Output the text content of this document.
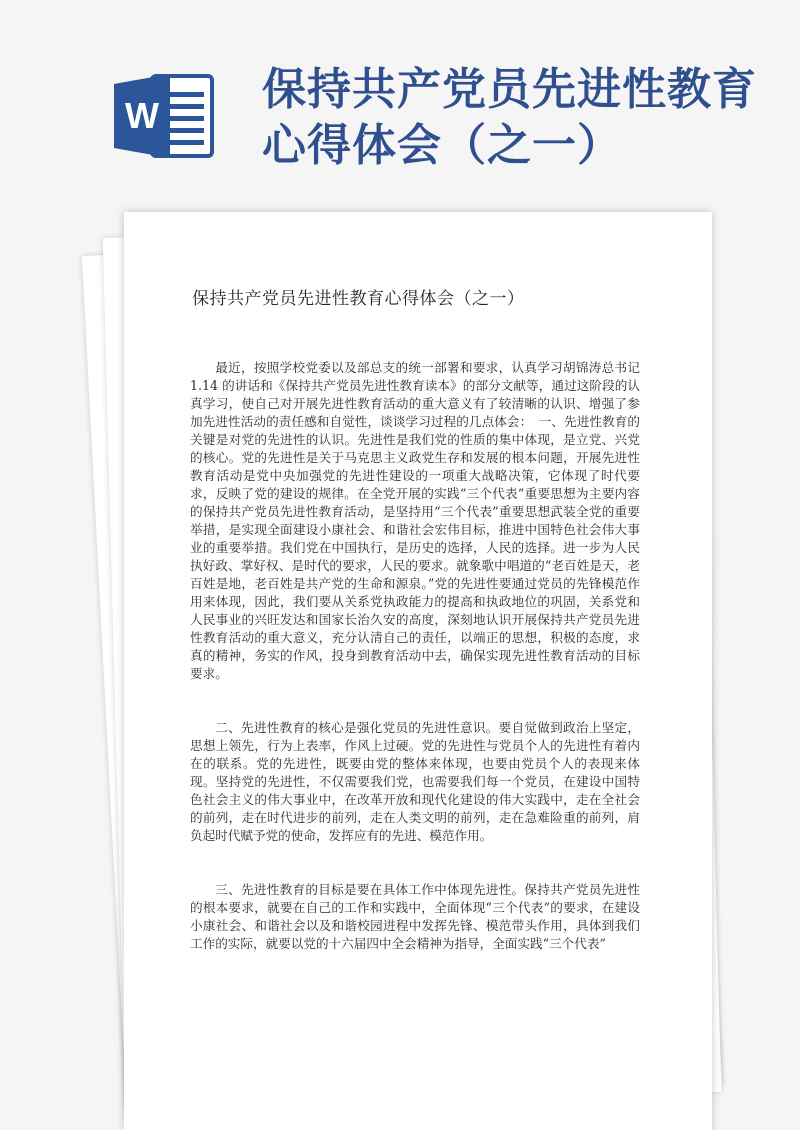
W
保持共产党员先进性教育心得体会（之一）
保持共产党员先进性教育心得体会（之一）

最近，按照学校党委以及部总支的统一部署和要求，认真学习胡锦涛总书记 1.14 的讲话和《保持共产党员先进性教育读本》的部分文献等，通过这阶段的认真学习，使自己对开展先进性教育活动的重大意义有了较清晰的认识、增强了参加先进性活动的责任感和自觉性，谈谈学习过程的几点体会：　一、先进性教育的关键是对党的先进性的认识。先进性是我们党的性质的集中体现，是立党、兴党的核心。党的先进性是关于马克思主义政党生存和发展的根本问题，开展先进性教育活动是党中央加强党的先进性建设的一项重大战略决策，它体现了时代要求，反映了党的建设的规律。在全党开展的实践“三个代表”重要思想为主要内容的保持共产党员先进性教育活动，是坚持用“三个代表”重要思想武装全党的重要举措，是实现全面建设小康社会、和谐社会宏伟目标，推进中国特色社会伟大事业的重要举措。我们党在中国执行，是历史的选择，人民的选择。进一步为人民执好政、掌好权、是时代的要求，人民的要求。就象歌中唱道的“老百姓是天，老百姓是地，老百姓是共产党的生命和源泉。”党的先进性要通过党员的先锋模范作用来体现，因此，我们要从关系党执政能力的提高和执政地位的巩固，关系党和人民事业的兴旺发达和国家长治久安的高度，深刻地认识开展保持共产党员先进性教育活动的重大意义，充分认清自己的责任，以端正的思想，积极的态度，求真的精神，务实的作风，投身到教育活动中去，确保实现先进性教育活动的目标要求。

二、先进性教育的核心是强化党员的先进性意识。要自觉做到政治上坚定，思想上领先，行为上表率，作风上过硬。党的先进性与党员个人的先进性有着内在的联系。党的先进性，既要由党的整体来体现，也要由党员个人的表现来体现。坚持党的先进性，不仅需要我们党，也需要我们每一个党员，在建设中国特色社会主义的伟大事业中，在改革开放和现代化建设的伟大实践中，走在全社会的前列，走在时代进步的前列，走在人类文明的前列，走在急难险重的前列，肩负起时代赋予党的使命，发挥应有的先进、模范作用。

三、先进性教育的目标是要在具体工作中体现先进性。保持共产党员先进性的根本要求，就要在自己的工作和实践中，全面体现“三个代表”的要求，在建设小康社会、和谐社会以及和谐校园进程中发挥先锋、模范带头作用，具体到我们工作的实际，就要以党的十六届四中全会精神为指导，全面实践“三个代表”
